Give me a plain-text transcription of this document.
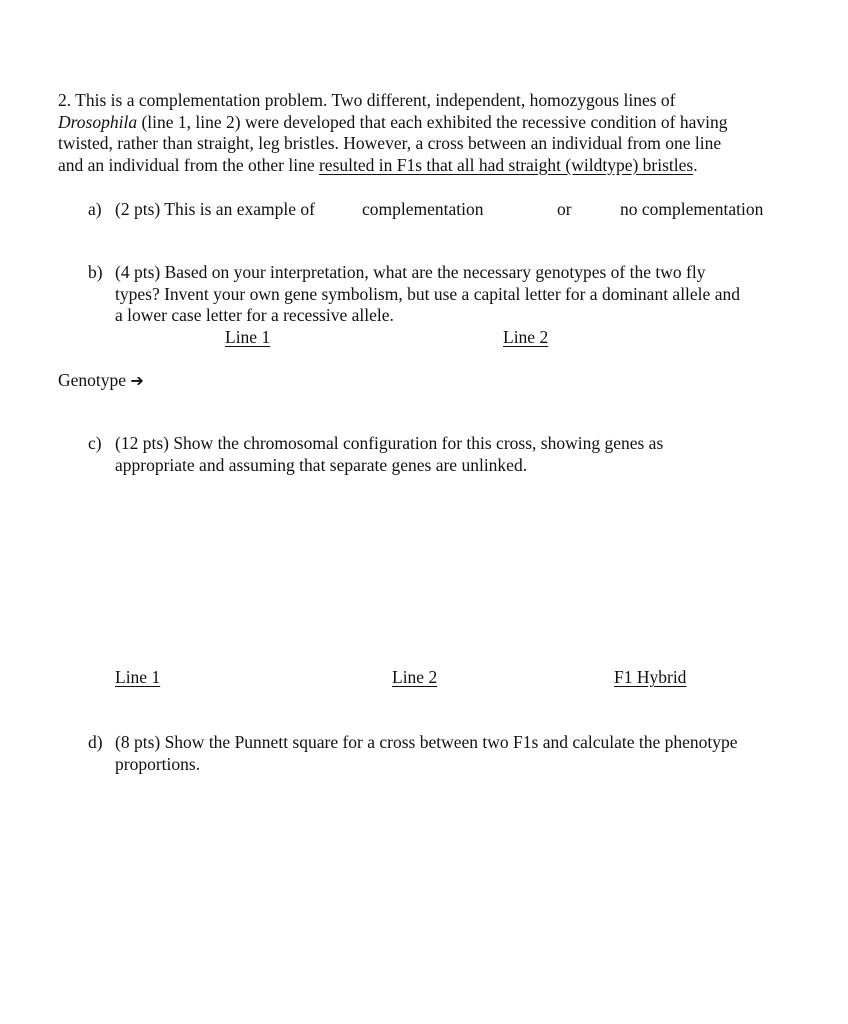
2. This is a complementation problem. Two different, independent, homozygous lines of

Drosophila (line 1, line 2) were developed that each exhibited the recessive condition of having

twisted, rather than straight, leg bristles. However, a cross between an individual from one line

and an individual from the other line resulted in F1s that all had straight (wildtype) bristles.

a) (2 pts) This is an example of	complementation	or	no complementation
b) (4 pts) Based on your interpretation, what are the necessary genotypes of the two fly
types? Invent your own gene symbolism, but use a capital letter for a dominant allele and
a lower case letter for a recessive allele.
Line 1	Line 2
Genotype ➔
c) (12 pts) Show the chromosomal configuration for this cross, showing genes as
appropriate and assuming that separate genes are unlinked.
Line 1	Line 2	F1 Hybrid
d) (8 pts) Show the Punnett square for a cross between two F1s and calculate the phenotype
proportions.
